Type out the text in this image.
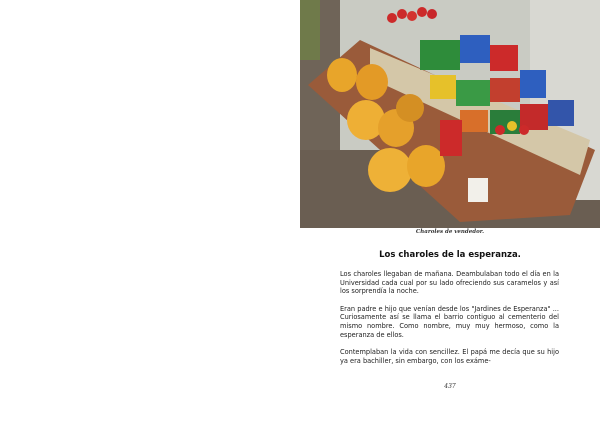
Charoles de vendedor.
Los charoles de la esperanza.

Los charoles llegaban de mañana. Deambulaban todo el día en la Universidad cada cual por su lado ofreciendo sus caramelos y así los sorprendía la noche.

Eran padre e hijo que venían desde los "Jardines de Esperanza" ... Curiosamente así se llama el barrio contiguo al cementerio del mismo nombre. Como nombre, muy muy hermoso, como la esperanza de ellos.

Contemplaban la vida con sencillez. El papá me decía que su hijo ya era bachiller, sin embargo, con los exáme-

437
